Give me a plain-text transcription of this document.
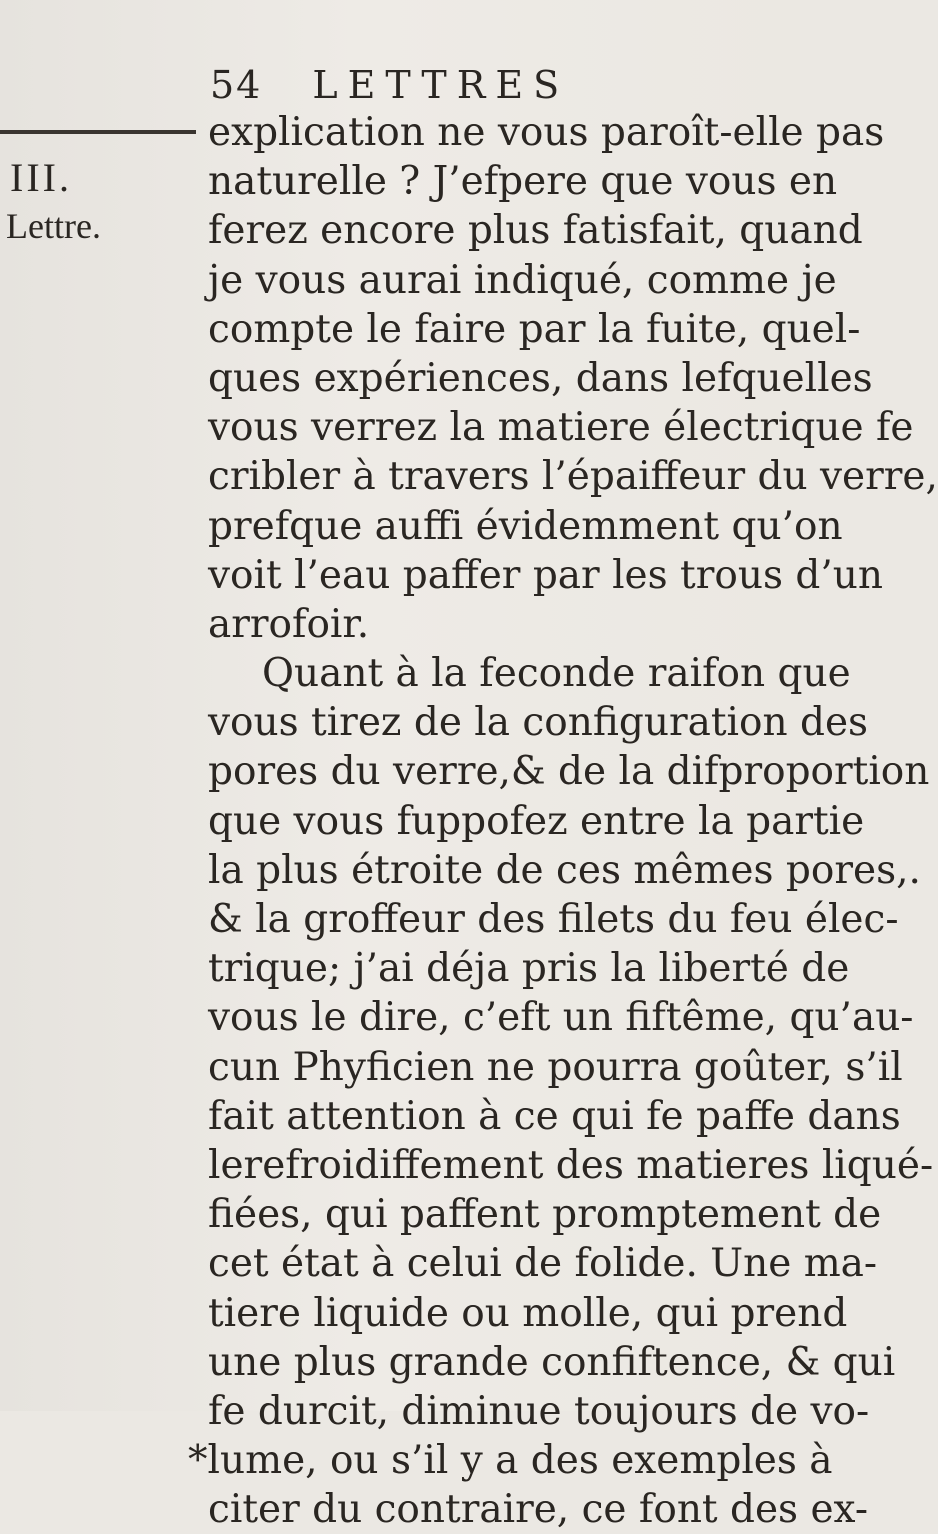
54 LETTRES
III.
Lettre.
explication ne vous paroît-elle pas
naturelle ? J’efpere que vous en
ferez encore plus fatisfait, quand
je vous aurai indiqué, comme je
compte le faire par la fuite, quel-
ques expériences, dans lefquelles
vous verrez la matiere électrique fe
cribler à travers l’épaiffeur du verre,
prefque auffi évidemment qu’on
voit l’eau paffer par les trous d’un
arrofoir.
Quant à la feconde raifon que
vous tirez de la configuration des
pores du verre,& de la difproportion
que vous fuppofez entre la partie
la plus étroite de ces mêmes pores,.
& la groffeur des filets du feu élec-
trique; j’ai déja pris la liberté de
vous le dire, c’eft un fiftême, qu’au-
cun Phyficien ne pourra goûter, s’il
fait attention à ce qui fe paffe dans
lerefroidiffement des matieres liqué-
fiées, qui paffent promptement de
cet état à celui de folide. Une ma-
tiere liquide ou molle, qui prend
une plus grande confiftence, & qui
fe durcit, diminue toujours de vo-
*lume, ou s’il y a des exemples à
citer du contraire, ce font des ex-
